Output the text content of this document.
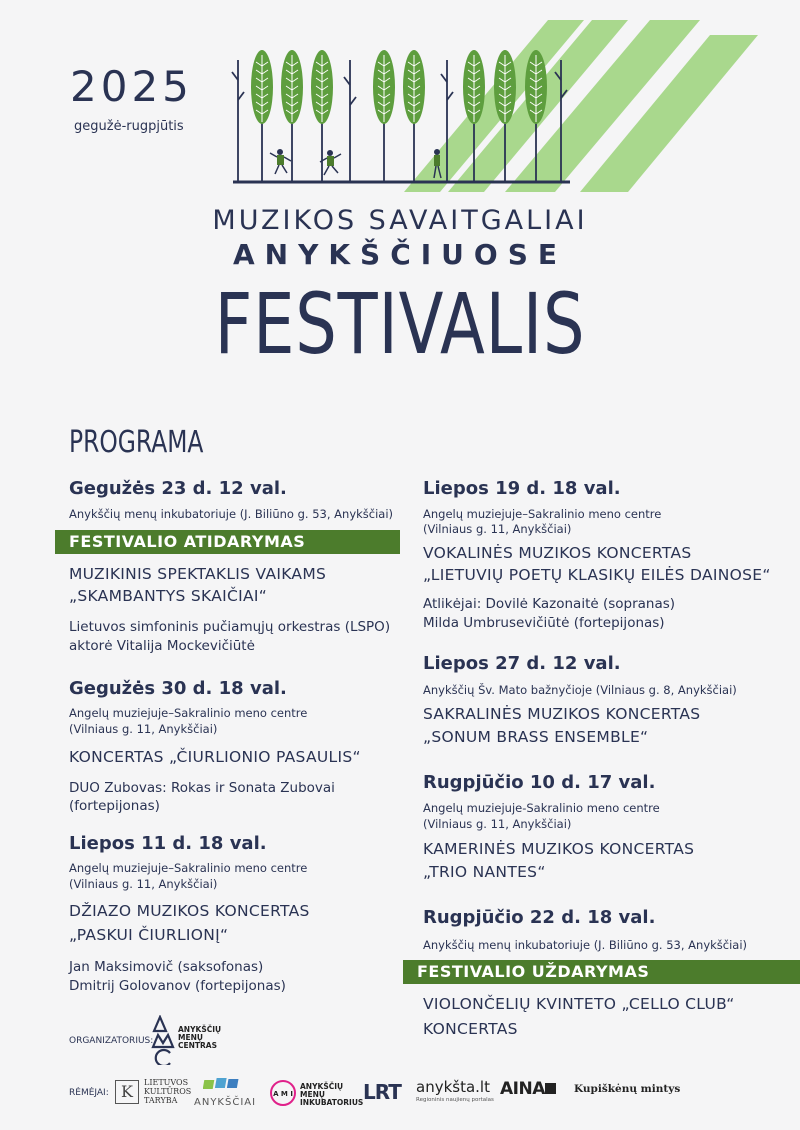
2025
gegužė-rugpjūtis
MUZIKOS SAVAITGALIAI
ANYKŠČIUOSE
FESTIVALIS
PROGRAMA
Gegužės 23 d. 12 val.
Anykščių menų inkubatoriuje (J. Biliūno g. 53, Anykščiai)
FESTIVALIO ATIDARYMAS
MUZIKINIS SPEKTAKLIS VAIKAMS
„SKAMBANTYS SKAIČIAI“
Lietuvos simfoninis pučiamųjų orkestras (LSPO)
aktorė Vitalija Mockevičiūtė
Gegužės 30 d. 18 val.
Angelų muziejuje–Sakralinio meno centre
(Vilniaus g. 11, Anykščiai)
KONCERTAS „ČIURLIONIO PASAULIS“
DUO Zubovas: Rokas ir Sonata Zubovai
(fortepijonas)
Liepos 11 d. 18 val.
Angelų muziejuje–Sakralinio meno centre
(Vilniaus g. 11, Anykščiai)
DŽIAZO MUZIKOS KONCERTAS
„PASKUI ČIURLIONĮ“
Jan Maksimovič (saksofonas)
Dmitrij Golovanov (fortepijonas)
Liepos 19 d. 18 val.
Angelų muziejuje–Sakralinio meno centre
(Vilniaus g. 11, Anykščiai)
VOKALINĖS MUZIKOS KONCERTAS
„LIETUVIŲ POETŲ KLASIKŲ EILĖS DAINOSE“
Atlikėjai: Dovilė Kazonaitė (sopranas)
Milda Umbrusevičiūtė (fortepijonas)
Liepos 27 d. 12 val.
Anykščių Šv. Mato bažnyčioje (Vilniaus g. 8, Anykščiai)
SAKRALINĖS MUZIKOS KONCERTAS
„SONUM BRASS ENSEMBLE“
Rugpjūčio 10 d. 17 val.
Angelų muziejuje-Sakralinio meno centre
(Vilniaus g. 11, Anykščiai)
KAMERINĖS MUZIKOS KONCERTAS
„TRIO NANTES“
Rugpjūčio 22 d. 18 val.
Anykščių menų inkubatoriuje (J. Biliūno g. 53, Anykščiai)
FESTIVALIO UŽDARYMAS
VIOLONČELIŲ KVINTETO „CELLO CLUB“
KONCERTAS
ORGANIZATORIUS:
ANYKŠČIŲ
MENŲ
CENTRAS
RĖMĖJAI: K	LIETUVOS
KULTŪROS
TARYBA	ANYKŠČIAI
A M I
ANYKŠČIŲ
MENŲ
INKUBATORIUS LRT anykšta.lt
Regioninis naujienų portalas
AINA	Kupiškėnų mintys
